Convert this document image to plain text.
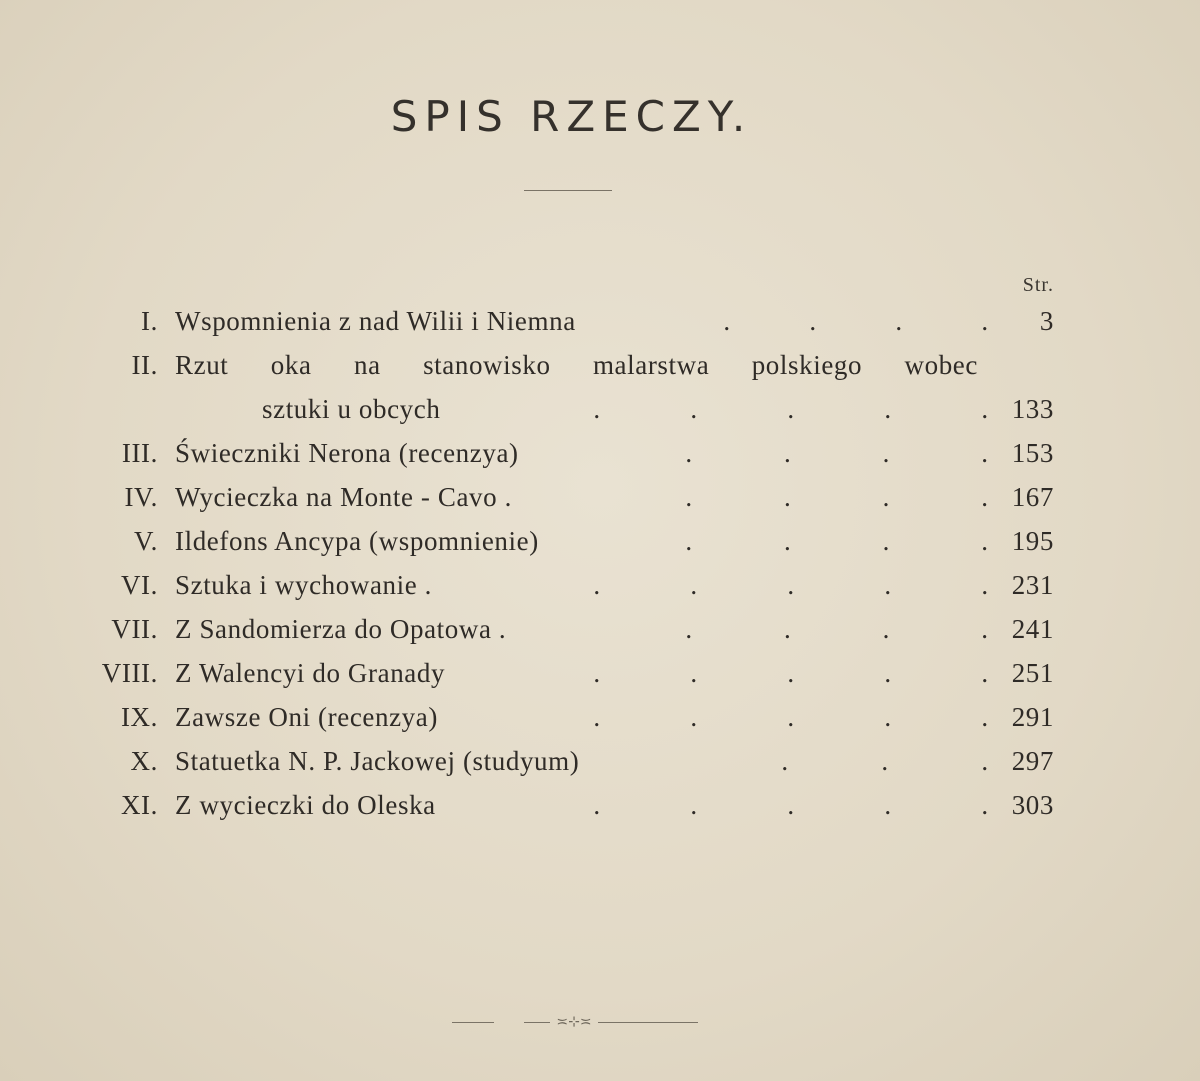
SPIS RZECZY.
Str.
I. Wspomnienia z nad Wilii i Niemna	.	.	.	.	3
II. Rzut oka na stanowisko malarstwa polskiego wobec
sztuki u obcych	.	.	.	.	. 133
III. Świeczniki Nerona (recenzya)	.	.	.	. 153
IV. Wycieczka na Monte - Cavo .	.	.	.	. 167
V. Ildefons Ancypa (wspomnienie)	.	.	.	. 195
VI. Sztuka i wychowanie .	.	.	.	.	. 231
VII. Z Sandomierza do Opatowa .	.	.	.	. 241
VIII. Z Walencyi do Granady	.	.	.	.	. 251
IX. Zawsze Oni (recenzya)	.	.	.	.	. 291
X. Statuetka N. P. Jackowej (studyum)	.	.	. 297
XI. Z wycieczki do Oleska	.	.	.	.	. 303
≍⊹≍
